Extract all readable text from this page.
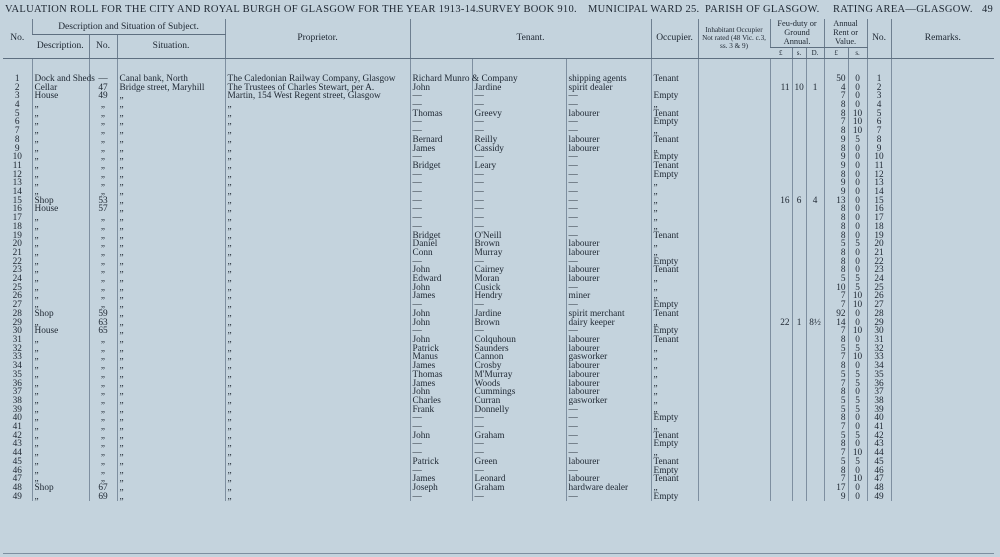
VALUATION ROLL FOR THE CITY AND ROYAL BURGH OF GLASGOW FOR THE YEAR 1913-14. SURVEY BOOK 910. MUNICIPAL WARD 25. PARISH OF GLASGOW. RATING AREA—GLASGOW. 49
No.	Description and Situation of Subject.			Proprietor.	Tenant.			Occupier.	Inhabitant Occupier Not rated (48 Vic. c.3, ss. 3 & 9)	Feu-duty or Ground Annual.			Annual Rent or Value.		No.	Remarks.
	Description.	No.	Situation.													
										£	s.	D.	£	s.		

1	Dock and Sheds	—	Canal bank, North	The Caledonian Railway Company, Glasgow	Richard Munro & Company		shipping agents	Tenant					50	0	1	
2	Cellar	47	Bridge street, Maryhill	The Trustees of Charles Stewart, per A.	John	Jardine	spirit dealer			11	10	1	4	0	2	
3	House	49	„	Martin, 154 West Regent street, Glasgow	—	—	—	Empty					7	0	3	
4	„	„	„	„	—	—	—	„					8	0	4	
5	„	„	„	„	Thomas	Greevy	labourer	Tenant					8	10	5	
6	„	„	„	„	—	—	—	Empty					7	10	6	
7	„	„	„	„	—	—	—	„					8	10	7	
8	„	„	„	„	Bernard	Reilly	labourer	Tenant					9	5	8	
9	„	„	„	„	James	Cassidy	labourer	„					8	0	9	
10	„	„	„	„	—	—	—	Empty					9	0	10	
11	„	„	„	„	Bridget	Leary	—	Tenant					9	0	11	
12	„	„	„	„	—	—	—	Empty					8	0	12	
13	„	„	„	„	—	—	—	„					9	0	13	
14	„	„	„	„	—	—	—	„					9	0	14	
15	Shop	53	„	„	—	—	—	„		16	6	4	13	0	15	
16	House	57	„	„	—	—	—	„					8	0	16	
17	„	„	„	„	—	—	—	„					8	0	17	
18	„	„	„	„	—	—	—	„					8	0	18	
19	„	„	„	„	Bridget	O'Neill	—	Tenant					8	0	19	
20	„	„	„	„	Daniel	Brown	labourer	„					5	5	20	
21	„	„	„	„	Conn	Murray	labourer	„					8	0	21	
22	„	„	„	„	—	—	—	Empty					8	0	22	
23	„	„	„	„	John	Cairney	labourer	Tenant					8	0	23	
24	„	„	„	„	Edward	Moran	labourer	„					5	5	24	
25	„	„	„	„	John	Cusick	—	„					10	5	25	
26	„	„	„	„	James	Hendry	miner	„					7	10	26	
27	„	„	„	„	—	—	—	Empty					7	10	27	
28	Shop	59	„	„	John	Jardine	spirit merchant	Tenant					92	0	28	
29	„	63	„	„	John	Brown	dairy keeper	„		22	1	8½	14	0	29	
30	House	65	„	„	—	—	—	Empty					7	10	30	
31	„	„	„	„	John	Colquhoun	labourer	Tenant					8	0	31	
32	„	„	„	„	Patrick	Saunders	labourer	„					5	5	32	
33	„	„	„	„	Manus	Cannon	gasworker	„					7	10	33	
34	„	„	„	„	James	Crosby	labourer	„					8	0	34	
35	„	„	„	„	Thomas	M'Murray	labourer	„					5	5	35	
36	„	„	„	„	James	Woods	labourer	„					7	5	36	
37	„	„	„	„	John	Cummings	labourer	„					8	0	37	
38	„	„	„	„	Charles	Curran	gasworker	„					5	5	38	
39	„	„	„	„	Frank	Donnelly	—	„					5	5	39	
40	„	„	„	„	—	—	—	Empty					8	0	40	
41	„	„	„	„	—	—	—	„					7	0	41	
42	„	„	„	„	John	Graham	—	Tenant					5	5	42	
43	„	„	„	„	—	—	—	Empty					8	0	43	
44	„	„	„	„	—	—	—	„					7	10	44	
45	„	„	„	„	Patrick	Green	labourer	Tenant					5	5	45	
46	„	„	„	„	—	—	—	Empty					8	0	46	
47	„	„	„	„	James	Leonard	labourer	Tenant					7	10	47	
48	Shop	67	„	„	Joseph	Graham	hardware dealer	„					17	0	48	
49	„	69	„	„	—	—	—	Empty					9	0	49	
